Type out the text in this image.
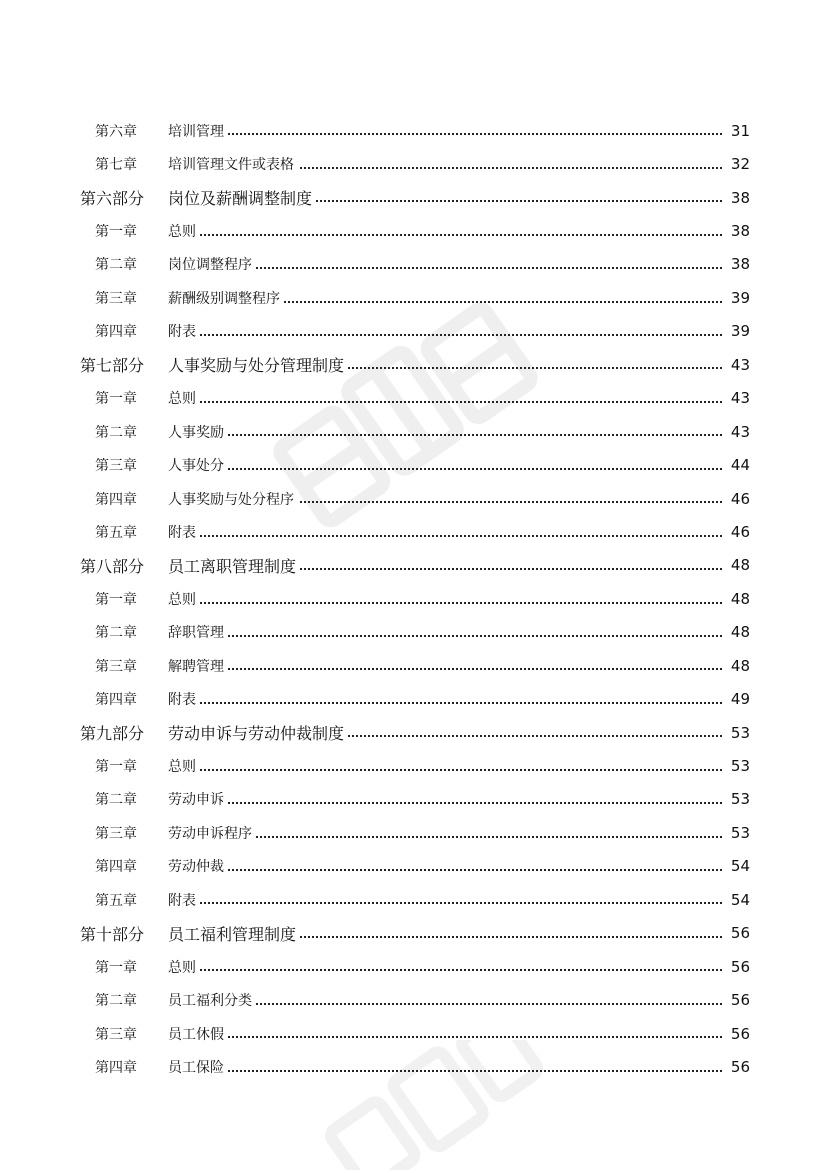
第六章 培训管理	31
第七章 培训管理文件或表格	32
第六部分 岗位及薪酬调整制度	38
第一章 总则	38
第二章 岗位调整程序	38
第三章 薪酬级别调整程序	39
第四章 附表	39
第七部分 人事奖励与处分管理制度	43
第一章 总则	43
第二章 人事奖励	43
第三章 人事处分	44
第四章 人事奖励与处分程序	46
第五章 附表	46
第八部分 员工离职管理制度	48
第一章 总则	48
第二章 辞职管理	48
第三章 解聘管理	48
第四章 附表	49
第九部分 劳动申诉与劳动仲裁制度	53
第一章 总则	53
第二章 劳动申诉	53
第三章 劳动申诉程序	53
第四章 劳动仲裁	54
第五章 附表	54
第十部分 员工福利管理制度	56
第一章 总则	56
第二章 员工福利分类	56
第三章 员工休假	56
第四章 员工保险	56
